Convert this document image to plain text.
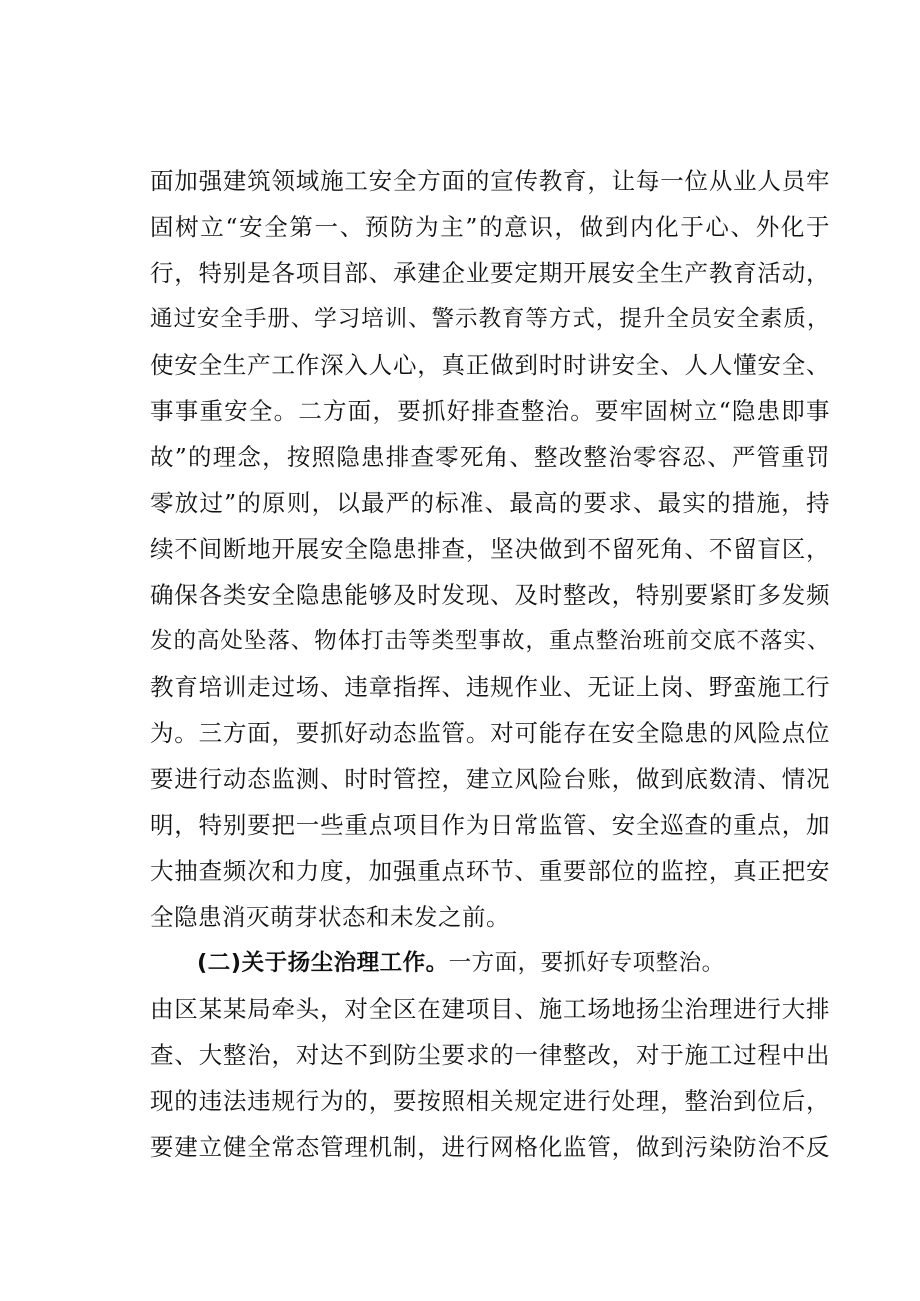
面加强建筑领域施工安全方面的宣传教育，让每一位从业人员牢
固树立“安全第一、预防为主”的意识，做到内化于心、外化于
行，特别是各项目部、承建企业要定期开展安全生产教育活动，
通过安全手册、学习培训、警示教育等方式，提升全员安全素质，
使安全生产工作深入人心，真正做到时时讲安全、人人懂安全、
事事重安全。二方面，要抓好排查整治。要牢固树立“隐患即事
故”的理念，按照隐患排查零死角、整改整治零容忍、严管重罚
零放过”的原则，以最严的标准、最高的要求、最实的措施，持
续不间断地开展安全隐患排查，坚决做到不留死角、不留盲区，
确保各类安全隐患能够及时发现、及时整改，特别要紧盯多发频
发的高处坠落、物体打击等类型事故，重点整治班前交底不落实、
教育培训走过场、违章指挥、违规作业、无证上岗、野蛮施工行
为。三方面，要抓好动态监管。对可能存在安全隐患的风险点位
要进行动态监测、时时管控，建立风险台账，做到底数清、情况
明，特别要把一些重点项目作为日常监管、安全巡查的重点，加
大抽查频次和力度，加强重点环节、重要部位的监控，真正把安
全隐患消灭萌芽状态和未发之前。
(二)关于扬尘治理工作。一方面，要抓好专项整治。
由区某某局牵头，对全区在建项目、施工场地扬尘治理进行大排
查、大整治，对达不到防尘要求的一律整改，对于施工过程中出
现的违法违规行为的，要按照相关规定进行处理，整治到位后，
要建立健全常态管理机制，进行网格化监管，做到污染防治不反
